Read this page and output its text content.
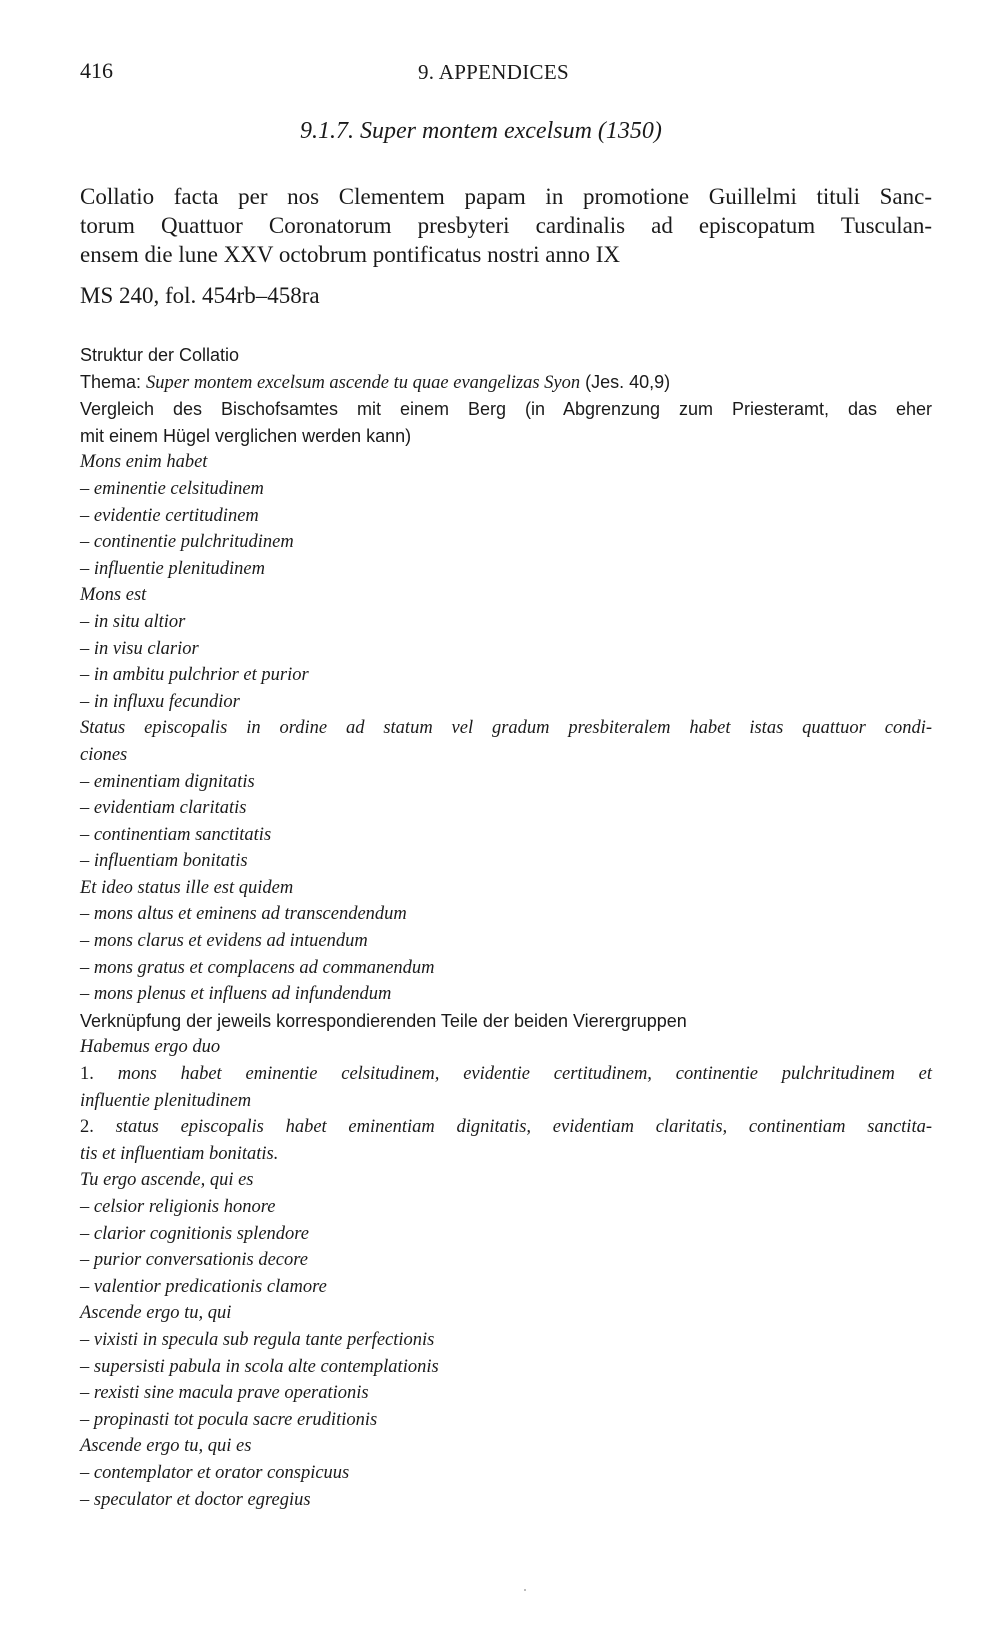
416	9. APPENDICES
9.1.7. Super montem excelsum (1350)
Collatio facta per nos Clementem papam in promotione Guillelmi tituli Sanc-
torum Quattuor Coronatorum presbyteri cardinalis ad episcopatum Tusculan-
ensem die lune XXV octobrum pontificatus nostri anno IX
MS 240, fol. 454rb–458ra
Struktur der Collatio
Thema: Super montem excelsum ascende tu quae evangelizas Syon (Jes. 40,9)
Vergleich des Bischofsamtes mit einem Berg (in Abgrenzung zum Priesteramt, das eher
mit einem Hügel verglichen werden kann)
Mons enim habet
– eminentie celsitudinem
– evidentie certitudinem
– continentie pulchritudinem
– influentie plenitudinem
Mons est
– in situ altior
– in visu clarior
– in ambitu pulchrior et purior
– in influxu fecundior
Status episcopalis in ordine ad statum vel gradum presbiteralem habet istas quattuor condi-
ciones
– eminentiam dignitatis
– evidentiam claritatis
– continentiam sanctitatis
– influentiam bonitatis
Et ideo status ille est quidem
– mons altus et eminens ad transcendendum
– mons clarus et evidens ad intuendum
– mons gratus et complacens ad commanendum
– mons plenus et influens ad infundendum
Verknüpfung der jeweils korrespondierenden Teile der beiden Vierergruppen
Habemus ergo duo
1. mons habet eminentie celsitudinem, evidentie certitudinem, continentie pulchritudinem et
influentie plenitudinem
2. status episcopalis habet eminentiam dignitatis, evidentiam claritatis, continentiam sanctita-
tis et influentiam bonitatis.
Tu ergo ascende, qui es
– celsior religionis honore
– clarior cognitionis splendore
– purior conversationis decore
– valentior predicationis clamore
Ascende ergo tu, qui
– vixisti in specula sub regula tante perfectionis
– supersisti pabula in scola alte contemplationis
– rexisti sine macula prave operationis
– propinasti tot pocula sacre eruditionis
Ascende ergo tu, qui es
– contemplator et orator conspicuus
– speculator et doctor egregius
